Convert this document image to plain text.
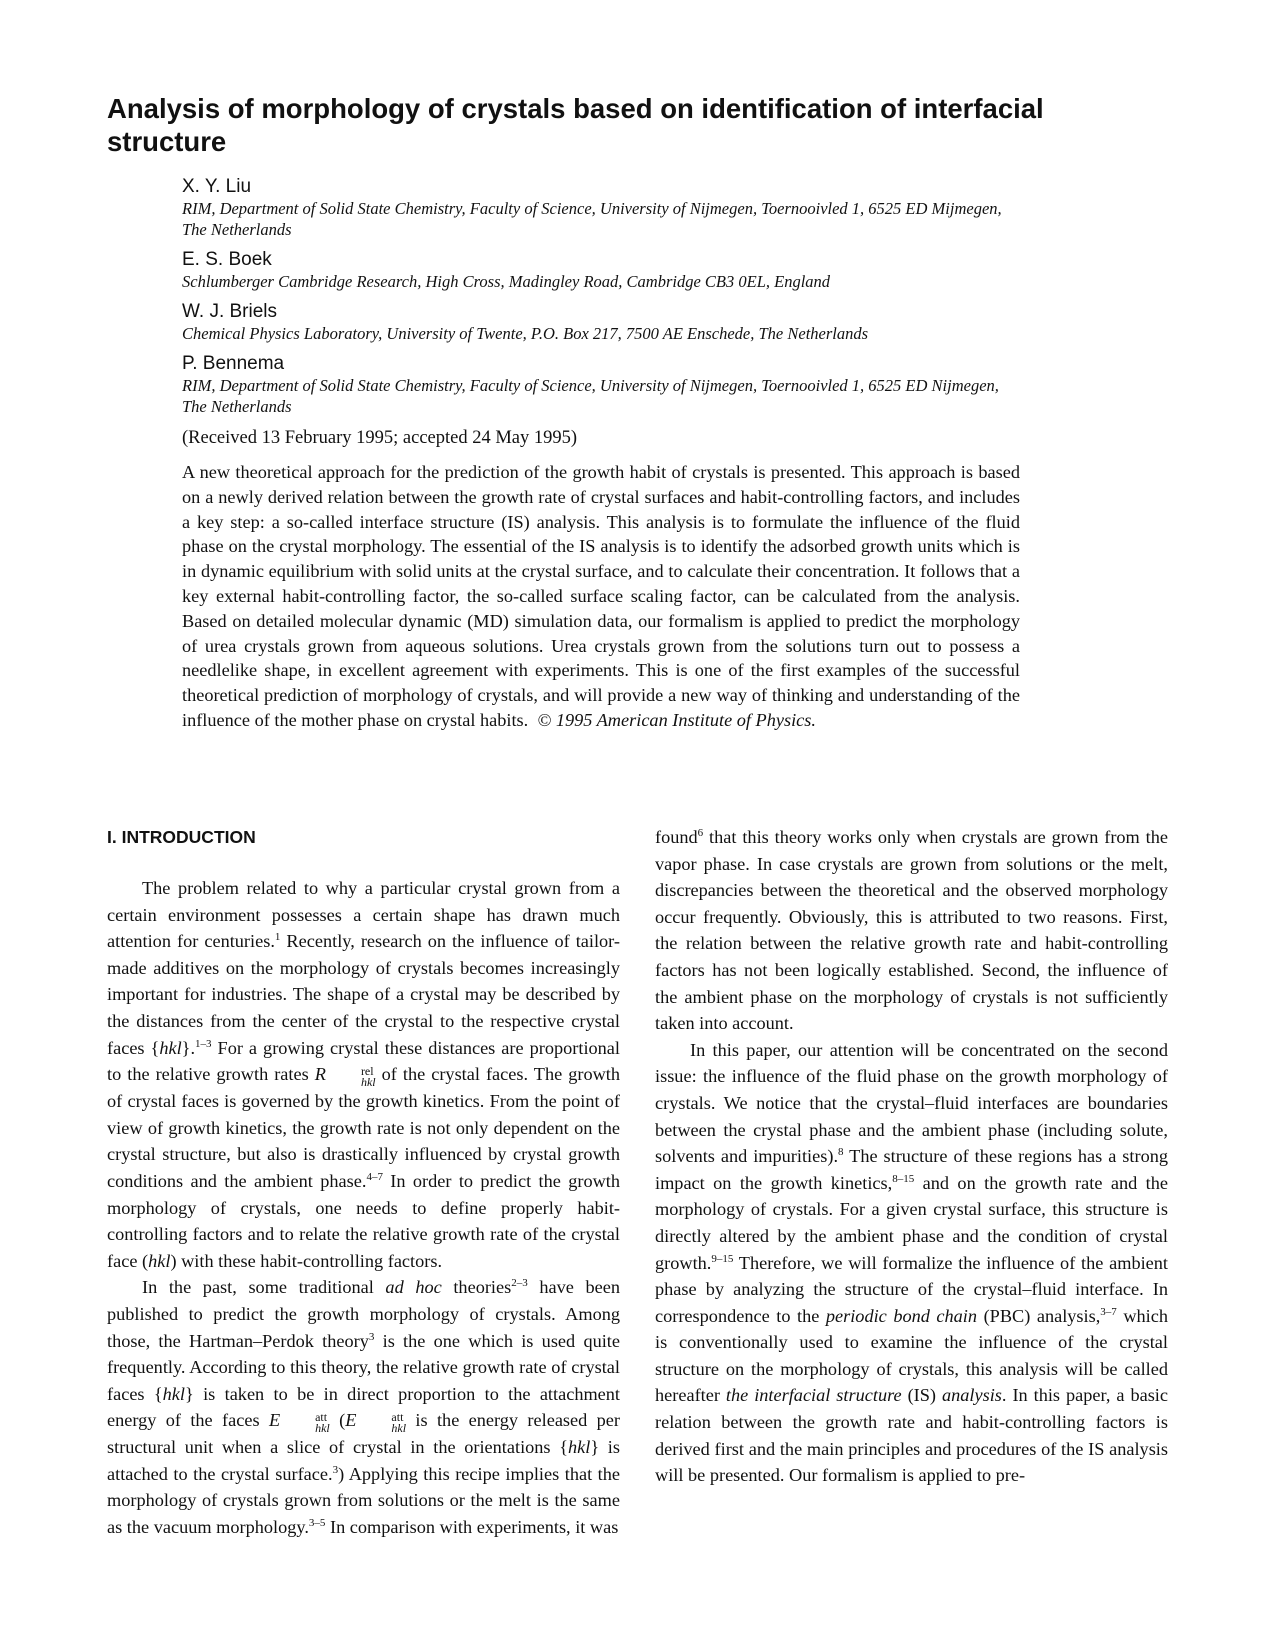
Analysis of morphology of crystals based on identification of interfacial structure

X. Y. Liu

RIM, Department of Solid State Chemistry, Faculty of Science, University of Nijmegen, Toernooivled 1, 6525 ED Mijmegen, The Netherlands

E. S. Boek

Schlumberger Cambridge Research, High Cross, Madingley Road, Cambridge CB3 0EL, England

W. J. Briels

Chemical Physics Laboratory, University of Twente, P.O. Box 217, 7500 AE Enschede, The Netherlands

P. Bennema

RIM, Department of Solid State Chemistry, Faculty of Science, University of Nijmegen, Toernooivled 1, 6525 ED Nijmegen, The Netherlands

(Received 13 February 1995; accepted 24 May 1995)

A new theoretical approach for the prediction of the growth habit of crystals is presented. This approach is based on a newly derived relation between the growth rate of crystal surfaces and habit-controlling factors, and includes a key step: a so-called interface structure (IS) analysis. This analysis is to formulate the influence of the fluid phase on the crystal morphology. The essential of the IS analysis is to identify the adsorbed growth units which is in dynamic equilibrium with solid units at the crystal surface, and to calculate their concentration. It follows that a key external habit-controlling factor, the so-called surface scaling factor, can be calculated from the analysis. Based on detailed molecular dynamic (MD) simulation data, our formalism is applied to predict the morphology of urea crystals grown from aqueous solutions. Urea crystals grown from the solutions turn out to possess a needlelike shape, in excellent agreement with experiments. This is one of the first examples of the successful theoretical prediction of morphology of crystals, and will provide a new way of thinking and understanding of the influence of the mother phase on crystal habits. © 1995 American Institute of Physics.

I. INTRODUCTION

The problem related to why a particular crystal grown from a certain environment possesses a certain shape has drawn much attention for centuries.$^1$ Recently, research on the influence of tailor-made additives on the morphology of crystals becomes increasingly important for industries. The shape of a crystal may be described by the distances from the center of the crystal to the respective crystal faces {hkl}.$^{1-3}$ For a growing crystal these distances are proportional to the relative growth rates R	rel
hkl of the crystal faces. The growth of crystal faces is governed by the growth kinetics. From the point of view of growth kinetics, the growth rate is not only dependent on the crystal structure, but also is drastically influenced by crystal growth conditions and the ambient phase.$^{4-7}$ In order to predict the growth morphology of crystals, one needs to define properly habit-controlling factors and to relate the relative growth rate of the crystal face (hkl) with these habit-controlling factors.

In the past, some traditional ad hoc theories$^{2-3}$ have been published to predict the growth morphology of crystals. Among those, the Hartman–Perdok theory$^3$ is the one which is used quite frequently. According to this theory, the relative growth rate of crystal faces {hkl} is taken to be in direct proportion to the attachment energy of the faces E	att
hkl (E	att
hkl is the energy released per structural unit when a slice of crystal in the orientations {hkl} is attached to the crystal surface.$^3$) Applying this recipe implies that the morphology of crystals grown from solutions or the melt is the same as the vacuum morphology.$^{3-5}$ In comparison with experiments, it was

found$^6$ that this theory works only when crystals are grown from the vapor phase. In case crystals are grown from solutions or the melt, discrepancies between the theoretical and the observed morphology occur frequently. Obviously, this is attributed to two reasons. First, the relation between the relative growth rate and habit-controlling factors has not been logically established. Second, the influence of the ambient phase on the morphology of crystals is not sufficiently taken into account.

In this paper, our attention will be concentrated on the second issue: the influence of the fluid phase on the growth morphology of crystals. We notice that the crystal–fluid interfaces are boundaries between the crystal phase and the ambient phase (including solute, solvents and impurities).$^8$ The structure of these regions has a strong impact on the growth kinetics,$^{8-15}$ and on the growth rate and the morphology of crystals. For a given crystal surface, this structure is directly altered by the ambient phase and the condition of crystal growth.$^{9-15}$ Therefore, we will formalize the influence of the ambient phase by analyzing the structure of the crystal–fluid interface. In correspondence to the periodic bond chain (PBC) analysis,$^{3-7}$ which is conventionally used to examine the influence of the crystal structure on the morphology of crystals, this analysis will be called hereafter the interfacial structure (IS) analysis. In this paper, a basic relation between the growth rate and habit-controlling factors is derived first and the main principles and procedures of the IS analysis will be presented. Our formalism is applied to pre-
